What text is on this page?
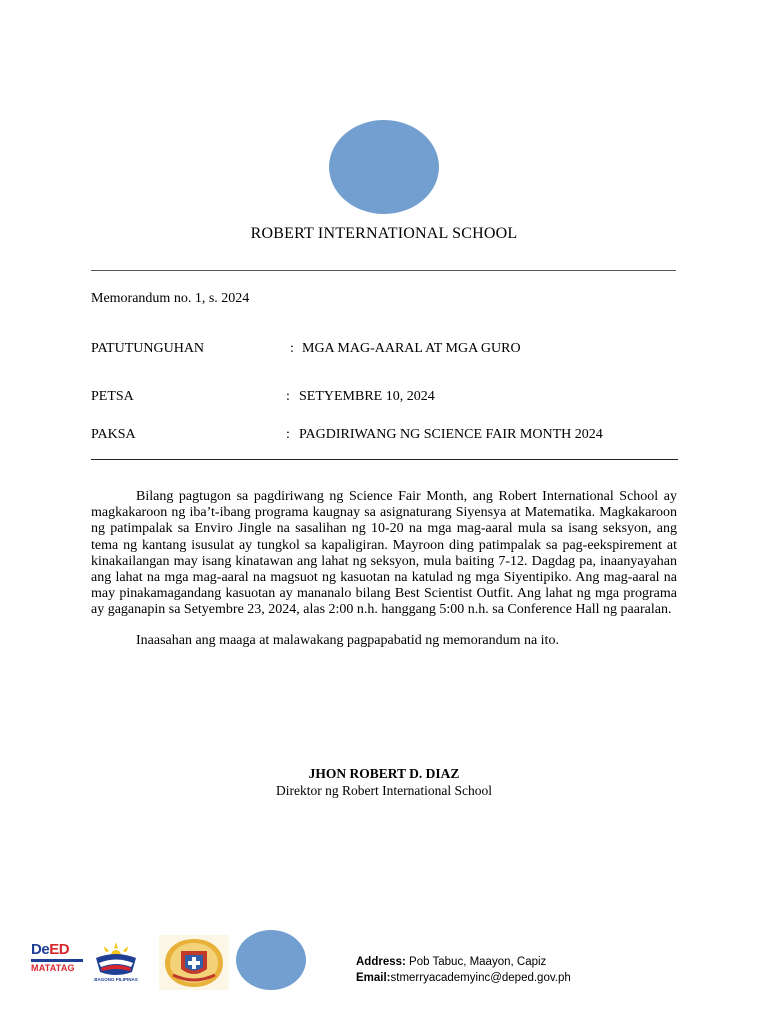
ROBERT INTERNATIONAL SCHOOL
Memorandum no. 1, s. 2024
PATUTUNGUHAN	: MGA MAG-AARAL AT MGA GURO
PETSA	: SETYEMBRE 10, 2024
PAKSA	: PAGDIRIWANG NG SCIENCE FAIR MONTH 2024

Bilang pagtugon sa pagdiriwang ng Science Fair Month, ang Robert International School ay magkakaroon ng iba’t-ibang programa kaugnay sa asignaturang Siyensya at Matematika. Magkakaroon ng patimpalak sa Enviro Jingle na sasalihan ng 10-20 na mga mag-aaral mula sa isang seksyon, ang tema ng kantang isusulat ay tungkol sa kapaligiran. Mayroon ding patimpalak sa pag-eekspirement at kinakailangan may isang kinatawan ang lahat ng seksyon, mula baiting 7-12. Dagdag pa, inaanyayahan ang lahat na mga mag-aaral na magsuot ng kasuotan na katulad ng mga Siyentipiko. Ang mag-aaral na may pinakamagandang kasuotan ay mananalo bilang Best Scientist Outfit. Ang lahat ng mga programa ay gaganapin sa Setyembre 23, 2024, alas 2:00 n.h. hanggang 5:00 n.h. sa Conference Hall ng paaralan.

Inaasahan ang maaga at malawakang pagpapabatid ng memorandum na ito.

JHON ROBERT D. DIAZ
Direktor ng Robert International School
DeED
MATATAG
BAGONG PILIPINAS
Address: Pob Tabuc, Maayon, Capiz
Email:stmerryacademyinc@deped.gov.ph
